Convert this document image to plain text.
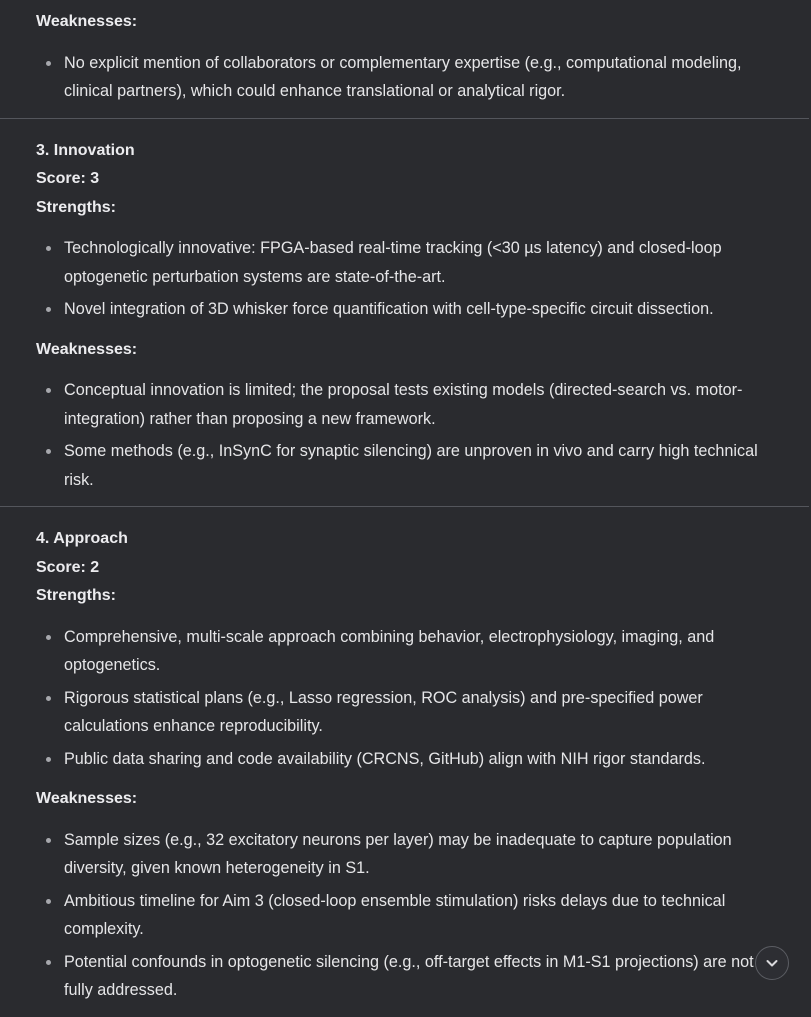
Weaknesses:

No explicit mention of collaborators or complementary expertise (e.g., computational modeling, clinical partners), which could enhance translational or analytical rigor.

3. Innovation

Score: 3

Strengths:

Technologically innovative: FPGA-based real-time tracking (<30 µs latency) and closed-loop optogenetic perturbation systems are state-of-the-art.
Novel integration of 3D whisker force quantification with cell-type-specific circuit dissection.

Weaknesses:

Conceptual innovation is limited; the proposal tests existing models (directed-search vs. motor-integration) rather than proposing a new framework.
Some methods (e.g., InSynC for synaptic silencing) are unproven in vivo and carry high technical risk.

4. Approach

Score: 2

Strengths:

Comprehensive, multi-scale approach combining behavior, electrophysiology, imaging, and optogenetics.
Rigorous statistical plans (e.g., Lasso regression, ROC analysis) and pre-specified power calculations enhance reproducibility.
Public data sharing and code availability (CRCNS, GitHub) align with NIH rigor standards.

Weaknesses:

Sample sizes (e.g., 32 excitatory neurons per layer) may be inadequate to capture population diversity, given known heterogeneity in S1.
Ambitious timeline for Aim 3 (closed-loop ensemble stimulation) risks delays due to technical complexity.
Potential confounds in optogenetic silencing (e.g., off-target effects in M1-S1 projections) are not fully addressed.
